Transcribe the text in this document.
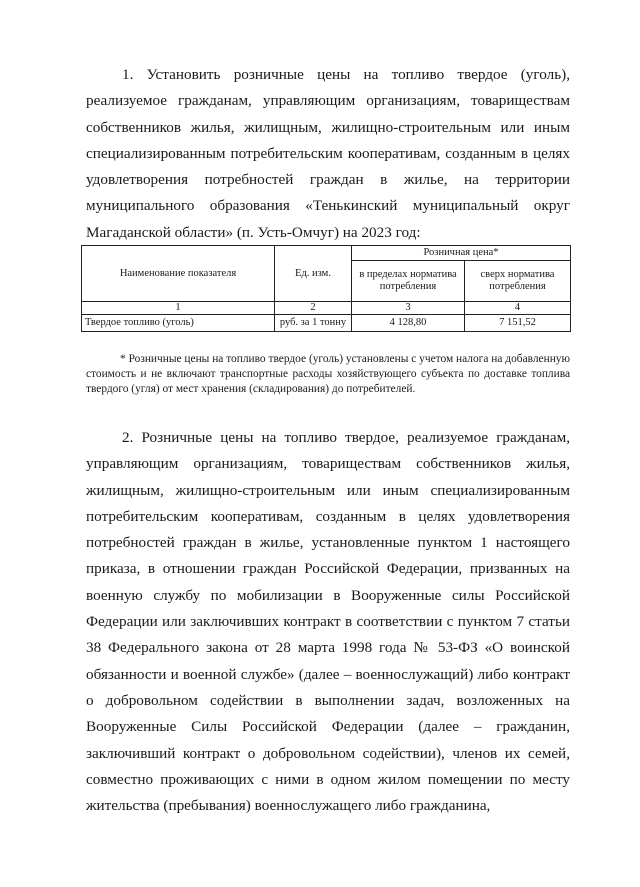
1. Установить розничные цены на топливо твердое (уголь), реализуемое гражданам, управляющим организациям, товариществам собственников жилья, жилищным, жилищно-строительным или иным специализированным потребительским кооперативам, созданным в целях удовлетворения потребностей граждан в жилье, на территории муниципального образования «Тенькинский муниципальный округ Магаданской области» (п. Усть-Омчуг) на 2023 год:

Наименование показателя	Ед. изм.	Розничная цена*	
		в пределах норматива потребления	сверх норматива потребления
1	2	3	4
Твердое топливо (уголь)	руб. за 1 тонну	4 128,80	7 151,52

* Розничные цены на топливо твердое (уголь) установлены с учетом налога на добавленную стоимость и не включают транспортные расходы хозяйствующего субъекта по доставке топлива твердого (угля) от мест хранения (складирования) до потребителей.

2. Розничные цены на топливо твердое, реализуемое гражданам, управляющим организациям, товариществам собственников жилья, жилищным, жилищно-строительным или иным специализированным потребительским кооперативам, созданным в целях удовлетворения потребностей граждан в жилье, установленные пунктом 1 настоящего приказа, в отношении граждан Российской Федерации, призванных на военную службу по мобилизации в Вооруженные силы Российской Федерации или заключивших контракт в соответствии с пунктом 7 статьи 38 Федерального закона от 28 марта 1998 года № 53-ФЗ «О воинской обязанности и военной службе» (далее – военнослужащий) либо контракт о добровольном содействии в выполнении задач, возложенных на Вооруженные Силы Российской Федерации (далее – гражданин, заключивший контракт о добровольном содействии), членов их семей, совместно проживающих с ними в одном жилом помещении по месту жительства (пребывания) военнослужащего либо гражданина,
